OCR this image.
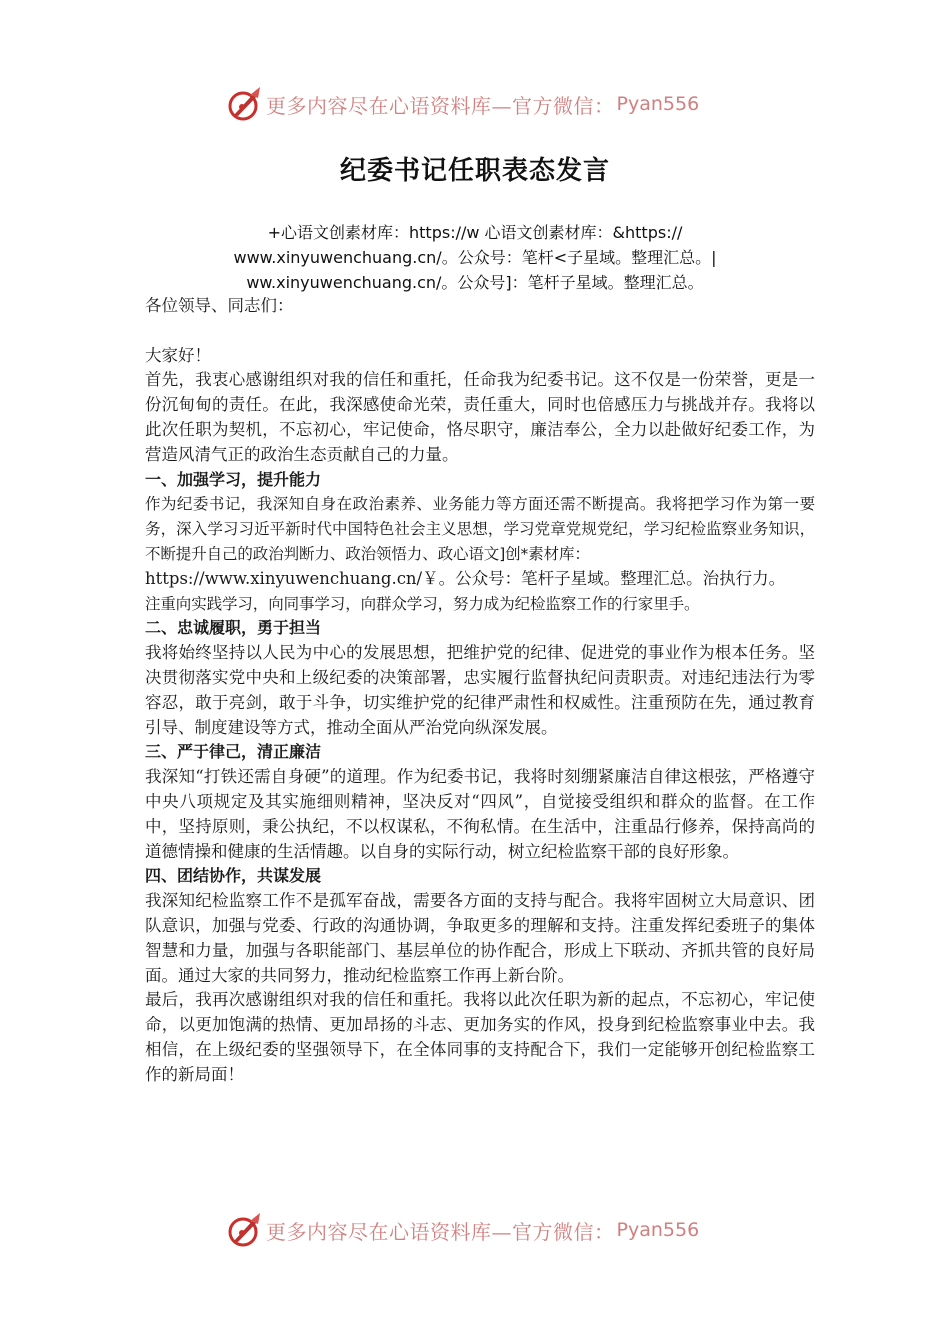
更多内容尽在心语资料库—官方微信： Pyan556
纪委书记任职表态发言
+心语文创素材库：https://w 心语文创素材库：&https://
www.xinyuwenchuang.cn/。公众号：笔杆<子星域。整理汇总。|
ww.xinyuwenchuang.cn/。公众号]：笔杆子星域。整理汇总。

各位领导、同志们：

大家好！

首先，我衷心感谢组织对我的信任和重托，任命我为纪委书记。这不仅是一份荣誉，更是一份沉甸甸的责任。在此，我深感使命光荣，责任重大，同时也倍感压力与挑战并存。我将以此次任职为契机，不忘初心，牢记使命，恪尽职守，廉洁奉公，全力以赴做好纪委工作，为营造风清气正的政治生态贡献自己的力量。

一、加强学习，提升能力

作为纪委书记，我深知自身在政治素养、业务能力等方面还需不断提高。我将把学习作为第一要务，深入学习习近平新时代中国特色社会主义思想，学习党章党规党纪，学习纪检监察业务知识，不断提升自己的政治判断力、政治领悟力、政心语文]创*素材库：

https://www.xinyuwenchuang.cn/￥。公众号：笔杆子星域。整理汇总。治执行力。

注重向实践学习，向同事学习，向群众学习，努力成为纪检监察工作的行家里手。

二、忠诚履职，勇于担当

我将始终坚持以人民为中心的发展思想，把维护党的纪律、促进党的事业作为根本任务。坚决贯彻落实党中央和上级纪委的决策部署，忠实履行监督执纪问责职责。对违纪违法行为零容忍，敢于亮剑，敢于斗争，切实维护党的纪律严肃性和权威性。注重预防在先，通过教育引导、制度建设等方式，推动全面从严治党向纵深发展。

三、严于律己，清正廉洁

我深知“打铁还需自身硬”的道理。作为纪委书记，我将时刻绷紧廉洁自律这根弦，严格遵守中央八项规定及其实施细则精神，坚决反对“四风”，自觉接受组织和群众的监督。在工作中，坚持原则，秉公执纪，不以权谋私，不徇私情。在生活中，注重品行修养，保持高尚的道德情操和健康的生活情趣。以自身的实际行动，树立纪检监察干部的良好形象。

四、团结协作，共谋发展

我深知纪检监察工作不是孤军奋战，需要各方面的支持与配合。我将牢固树立大局意识、团队意识，加强与党委、行政的沟通协调，争取更多的理解和支持。注重发挥纪委班子的集体智慧和力量，加强与各职能部门、基层单位的协作配合，形成上下联动、齐抓共管的良好局面。通过大家的共同努力，推动纪检监察工作再上新台阶。

最后，我再次感谢组织对我的信任和重托。我将以此次任职为新的起点，不忘初心，牢记使命，以更加饱满的热情、更加昂扬的斗志、更加务实的作风，投身到纪检监察事业中去。我相信，在上级纪委的坚强领导下，在全体同事的支持配合下，我们一定能够开创纪检监察工作的新局面！

更多内容尽在心语资料库—官方微信： Pyan556
